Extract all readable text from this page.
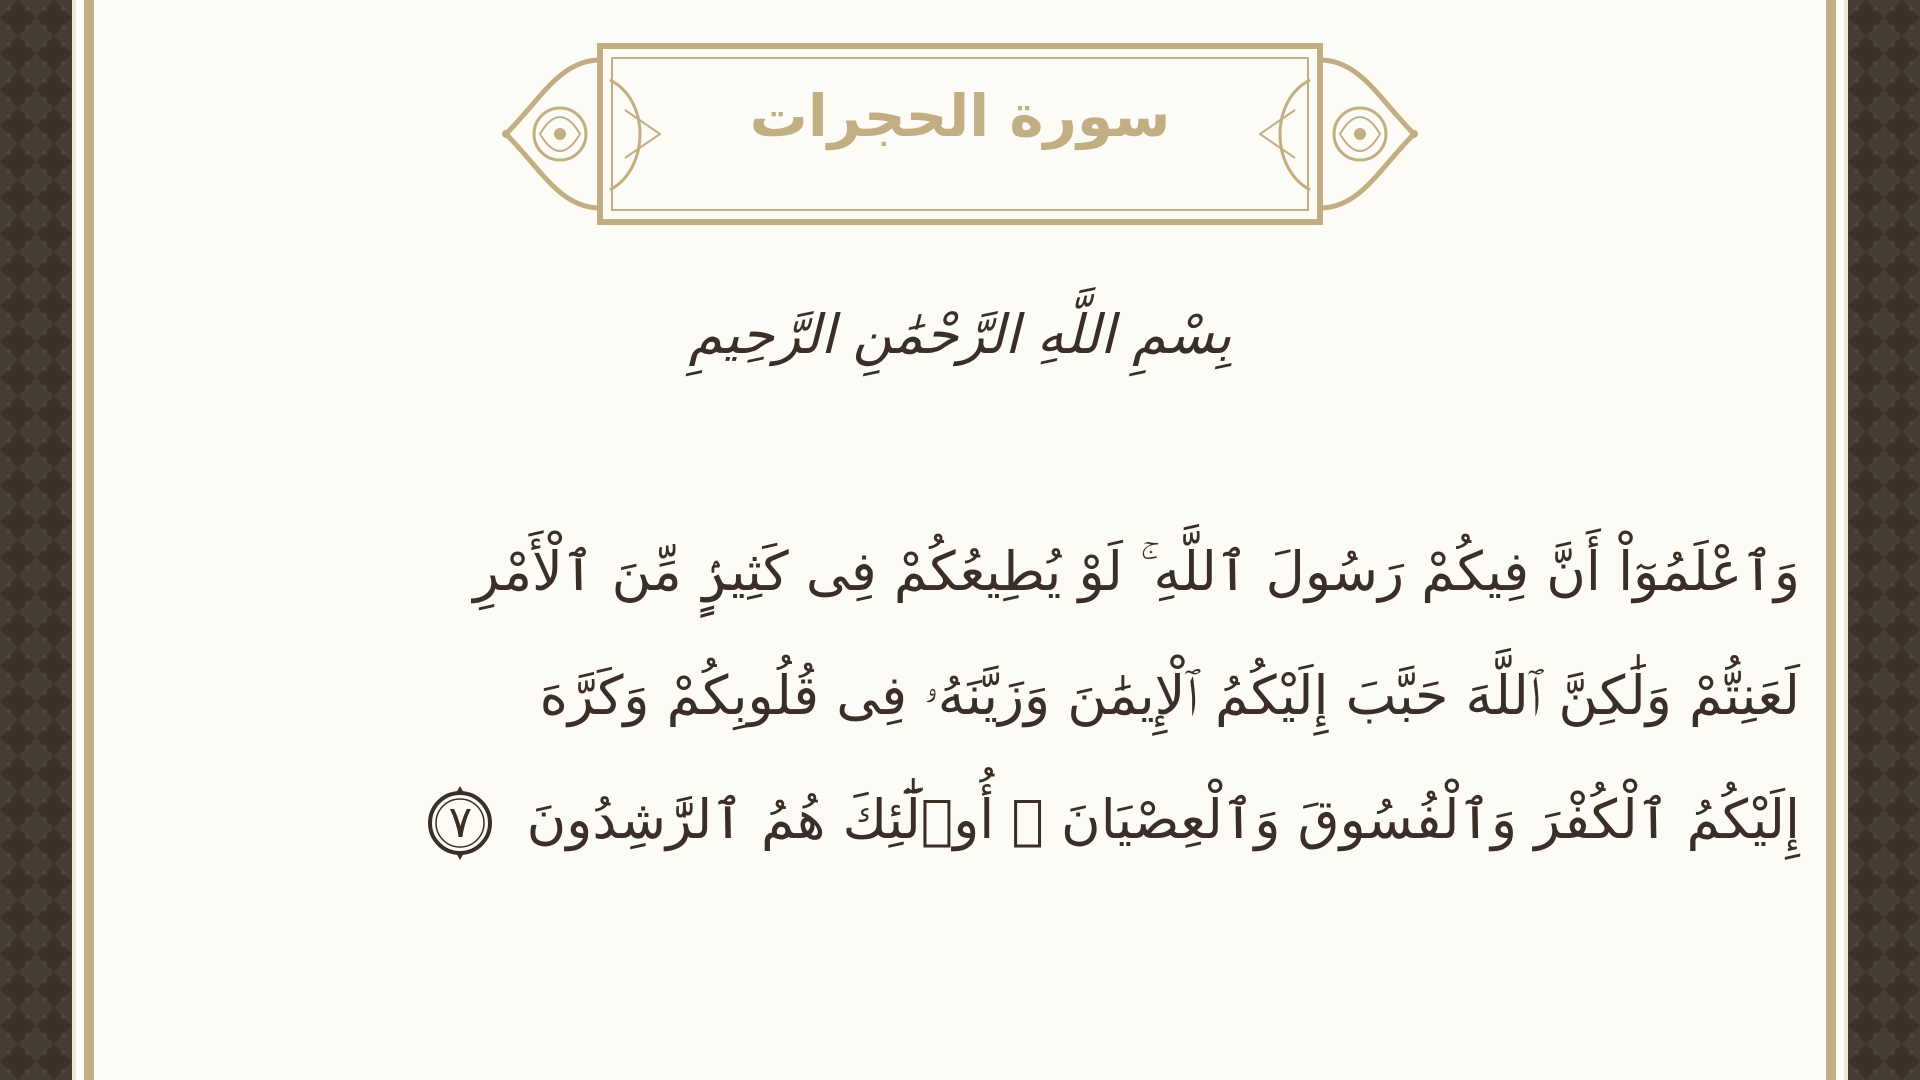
سورة الحجرات
بِسْمِ اللَّهِ الرَّحْمَٰنِ الرَّحِيمِ
وَٱعْلَمُوٓاْ أَنَّ فِيكُمْ رَسُولَ ٱللَّهِ ۚ لَوْ يُطِيعُكُمْ فِى كَثِيرٍۢ مِّنَ ٱلْأَمْرِ
لَعَنِتُّمْ وَلَٰكِنَّ ٱللَّهَ حَبَّبَ إِلَيْكُمُ ٱلْإِيمَٰنَ وَزَيَّنَهُۥ فِى قُلُوبِكُمْ وَكَرَّهَ
إِلَيْكُمُ ٱلْكُفْرَ وَٱلْفُسُوقَ وَٱلْعِصْيَانَ ۚ أُو۟لَٰٓئِكَ هُمُ ٱلرَّٰشِدُونَ
٧
